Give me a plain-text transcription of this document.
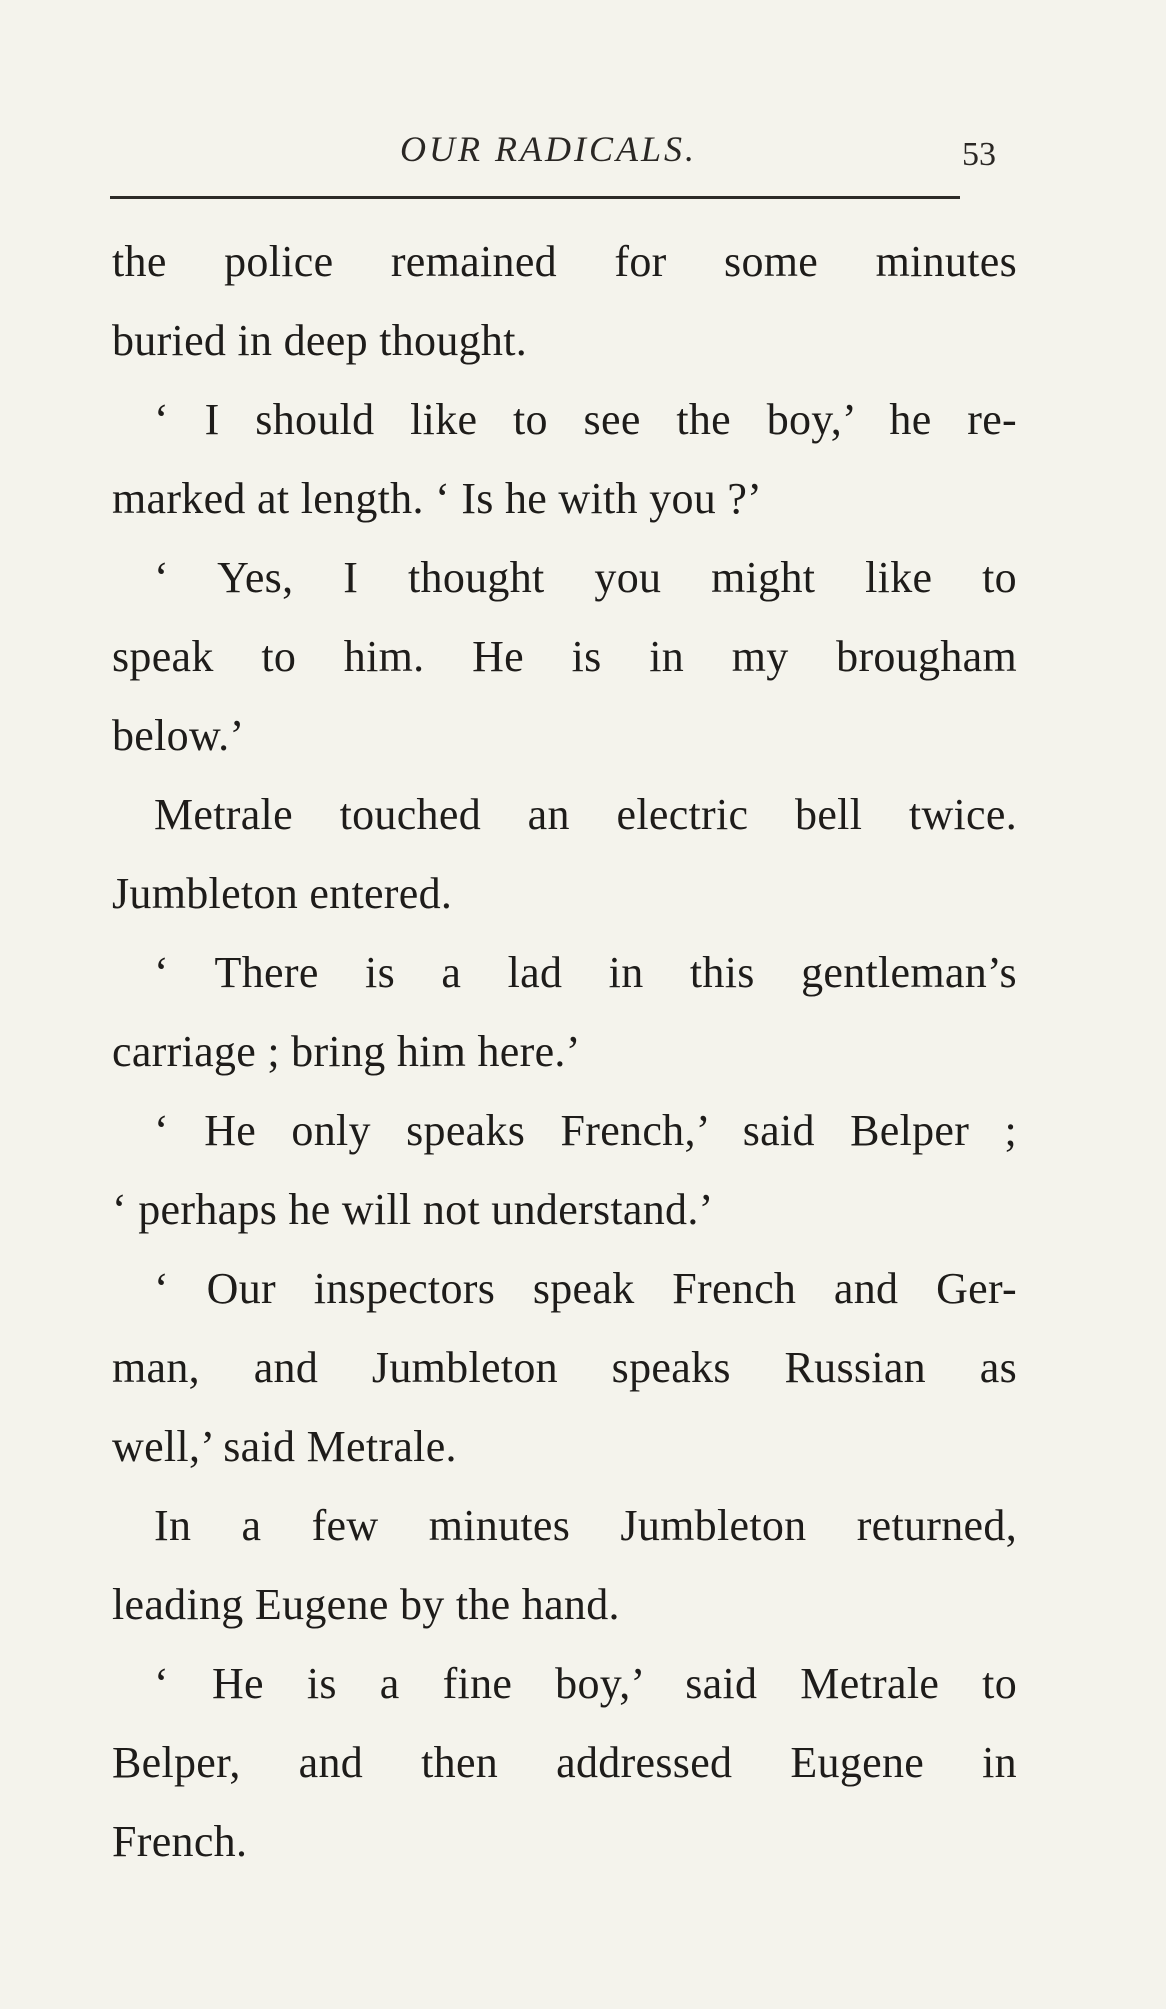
OUR RADICALS.	53
the police remained for some minutes
buried in deep thought.
‘ I should like to see the boy,’ he re-
marked at length. ‘ Is he with you ?’
‘ Yes, I thought you might like to
speak to him. He is in my brougham
below.’
Metrale touched an electric bell twice.
Jumbleton entered.
‘ There is a lad in this gentleman’s
carriage ; bring him here.’
‘ He only speaks French,’ said Belper ;
‘ perhaps he will not understand.’
‘ Our inspectors speak French and Ger-
man, and Jumbleton speaks Russian as
well,’ said Metrale.
In a few minutes Jumbleton returned,
leading Eugene by the hand.
‘ He is a fine boy,’ said Metrale to
Belper, and then addressed Eugene in
French.
